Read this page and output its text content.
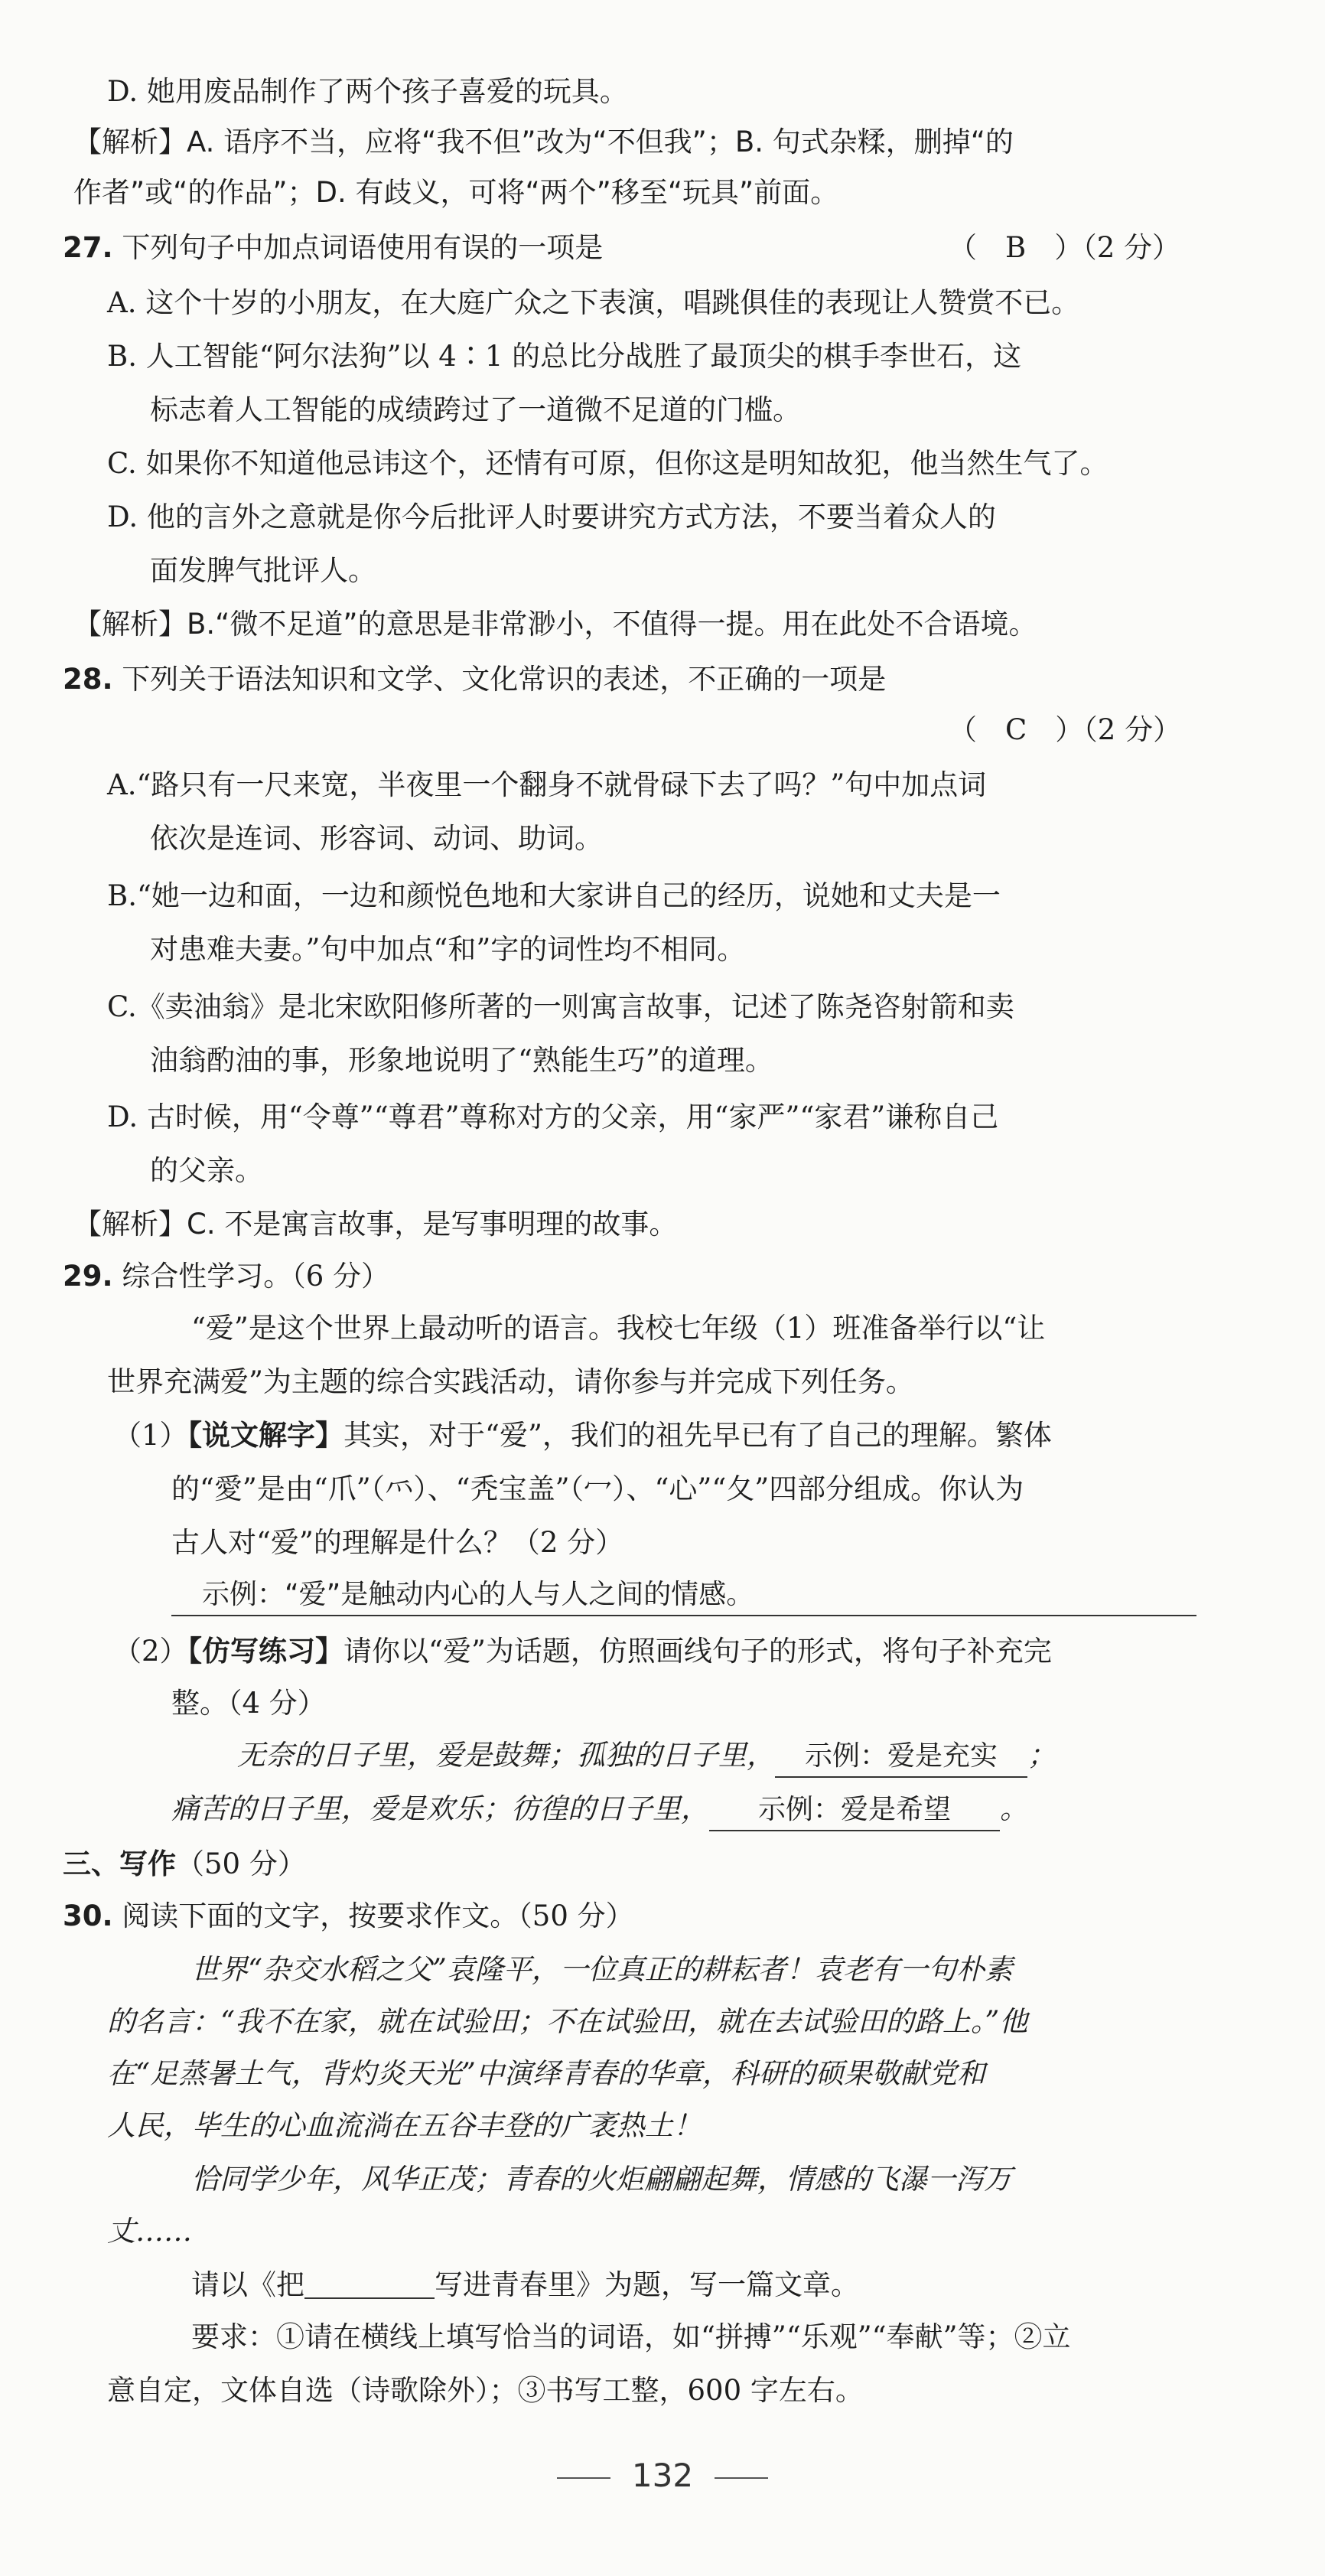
D. 她用废品制作了两个孩子喜爱的玩具。
【解析】A. 语序不当，应将“我不但”改为“不但我”；B. 句式杂糅，删掉“的
作者”或“的作品”；D. 有歧义，可将“两个”移至“玩具”前面。
27. 下列句子中加点词语使用有误的一项是	（　B　）（2 分）
A. 这个十岁的小朋友，在大庭广众之下表演，唱跳俱佳的表现让人赞赏不已。
B. 人工智能“阿尔法狗”以 4∶1 的总比分战胜了最顶尖的棋手李世石，这
标志着人工智能的成绩跨过了一道微不足道的门槛。
C. 如果你不知道他忌讳这个，还情有可原，但你这是明知故犯，他当然生气了。
D. 他的言外之意就是你今后批评人时要讲究方式方法，不要当着众人的
面发脾气批评人。
【解析】B.“微不足道”的意思是非常渺小，不值得一提。用在此处不合语境。
28. 下列关于语法知识和文学、文化常识的表述，不正确的一项是
（　C　）（2 分）
A.“路只有一尺来宽，半夜里一个翻身不就骨碌下去了吗？”句中加点词
依次是连词、形容词、动词、助词。
B.“她一边和面，一边和颜悦色地和大家讲自己的经历，说她和丈夫是一
对患难夫妻。”句中加点“和”字的词性均不相同。
C.《卖油翁》是北宋欧阳修所著的一则寓言故事，记述了陈尧咨射箭和卖
油翁酌油的事，形象地说明了“熟能生巧”的道理。
D. 古时候，用“令尊”“尊君”尊称对方的父亲，用“家严”“家君”谦称自己
的父亲。
【解析】C. 不是寓言故事，是写事明理的故事。
29. 综合性学习。（6 分）
“爱”是这个世界上最动听的语言。我校七年级（1）班准备举行以“让
世界充满爱”为主题的综合实践活动，请你参与并完成下列任务。
（1）【说文解字】其实，对于“爱”，我们的祖先早已有了自己的理解。繁体
的“愛”是由“爪”（⺤）、“秃宝盖”（冖）、“心”“夂”四部分组成。你认为
古人对“爱”的理解是什么？（2 分）
示例：“爱”是触动内心的人与人之间的情感。
（2）【仿写练习】请你以“爱”为话题，仿照画线句子的形式，将句子补充完
整。（4 分）
无奈的日子里，爱是鼓舞；孤独的日子里， 示例：爱是充实 ；
痛苦的日子里，爱是欢乐；彷徨的日子里， 示例：爱是希望 。
三、写作（50 分）
30. 阅读下面的文字，按要求作文。（50 分）
世界“杂交水稻之父”袁隆平，一位真正的耕耘者！袁老有一句朴素
的名言：“我不在家，就在试验田；不在试验田，就在去试验田的路上。”他
在“足蒸暑土气，背灼炎天光”中演绎青春的华章，科研的硕果敬献党和
人民，毕生的心血流淌在五谷丰登的广袤热土！
恰同学少年，风华正茂；青春的火炬翩翩起舞，情感的飞瀑一泻万
丈……
请以《把	写进青春里》为题，写一篇文章。
要求：①请在横线上填写恰当的词语，如“拼搏”“乐观”“奉献”等；②立
意自定，文体自选（诗歌除外）；③书写工整，600 字左右。
132
